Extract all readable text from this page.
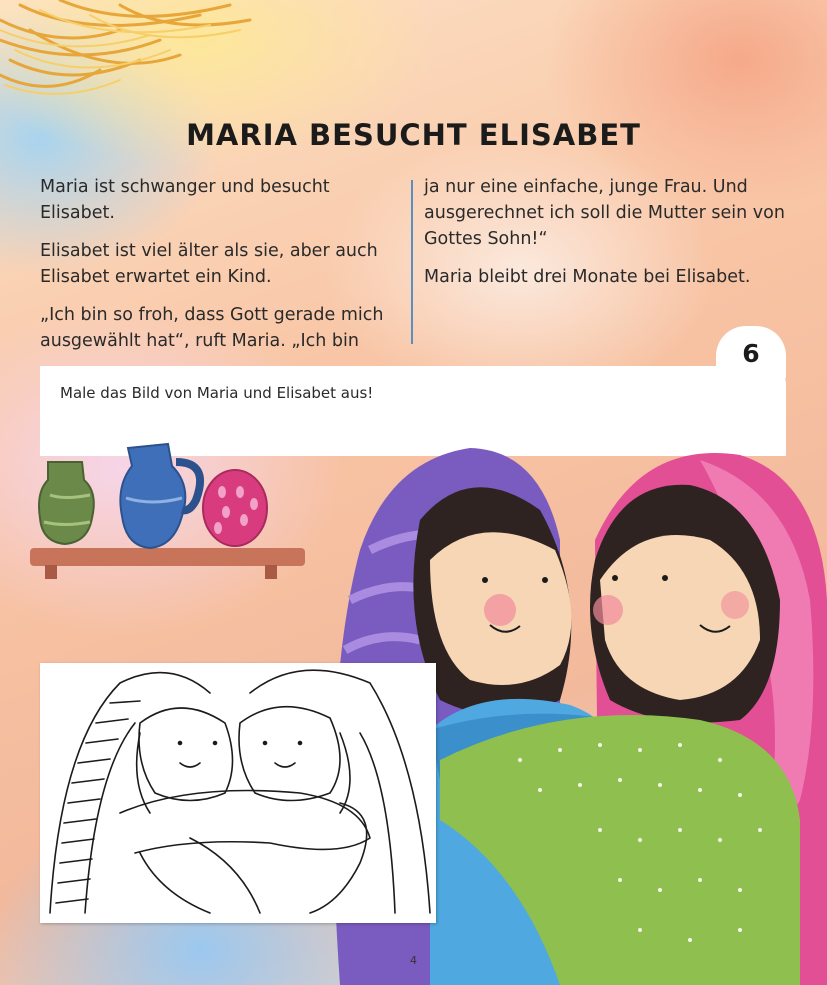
MARIA BESUCHT ELISABET

Maria ist schwanger und besucht Elisabet.

Elisabet ist viel älter als sie, aber auch Elisabet erwartet ein Kind.

„Ich bin so froh, dass Gott gerade mich ausgewählt hat“, ruft Maria. „Ich bin

ja nur eine einfache, junge Frau. Und ausgerechnet ich soll die Mutter sein von Gottes Sohn!“

Maria bleibt drei Monate bei Elisabet.

6
Male das Bild von Maria und Elisabet aus!
4
